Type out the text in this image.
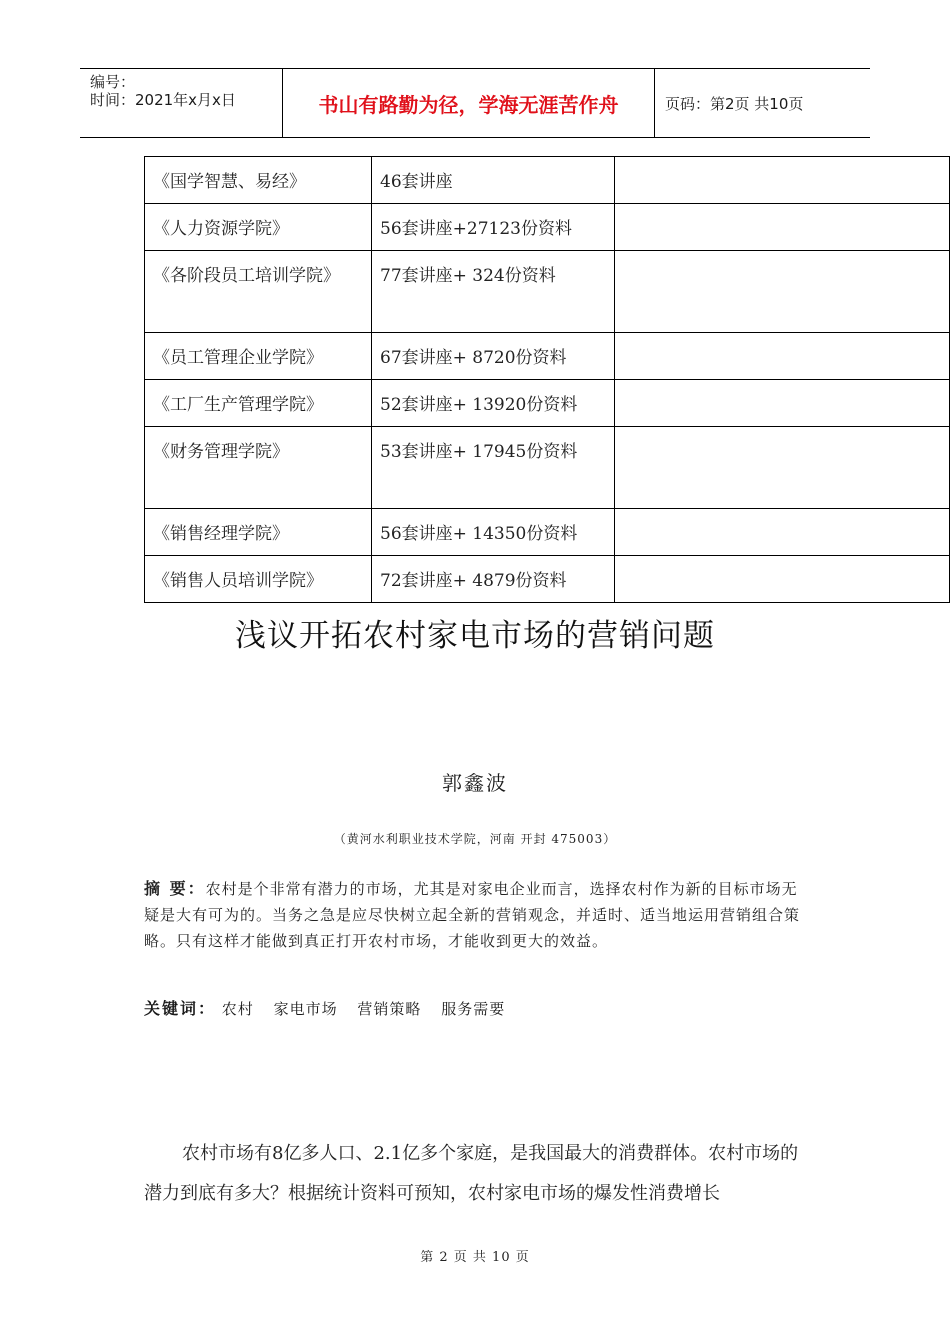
编号：
时间：2021年x月x日	书山有路勤为径，学海无涯苦作舟	页码：第2页 共10页
《国学智慧、易经》	46套讲座	
《人力资源学院》	56套讲座+27123份资料	
《各阶段员工培训学院》	77套讲座+ 324份资料	
《员工管理企业学院》	67套讲座+ 8720份资料	
《工厂生产管理学院》	52套讲座+ 13920份资料	
《财务管理学院》	53套讲座+ 17945份资料	
《销售经理学院》	56套讲座+ 14350份资料	
《销售人员培训学院》	72套讲座+ 4879份资料	
浅议开拓农村家电市场的营销问题
郭鑫波
（黄河水利职业技术学院，河南 开封 475003）
摘 要：农村是个非常有潜力的市场，尤其是对家电企业而言，选择农村作为新的目标市场无疑是大有可为的。当务之急是应尽快树立起全新的营销观念，并适时、适当地运用营销组合策略。只有这样才能做到真正打开农村市场，才能收到更大的效益。
关键词： 农村 家电市场 营销策略 服务需要
农村市场有8亿多人口、2.1亿多个家庭，是我国最大的消费群体。农村市场的潜力到底有多大？根据统计资料可预知，农村家电市场的爆发性消费增长
第 2 页 共 10 页
